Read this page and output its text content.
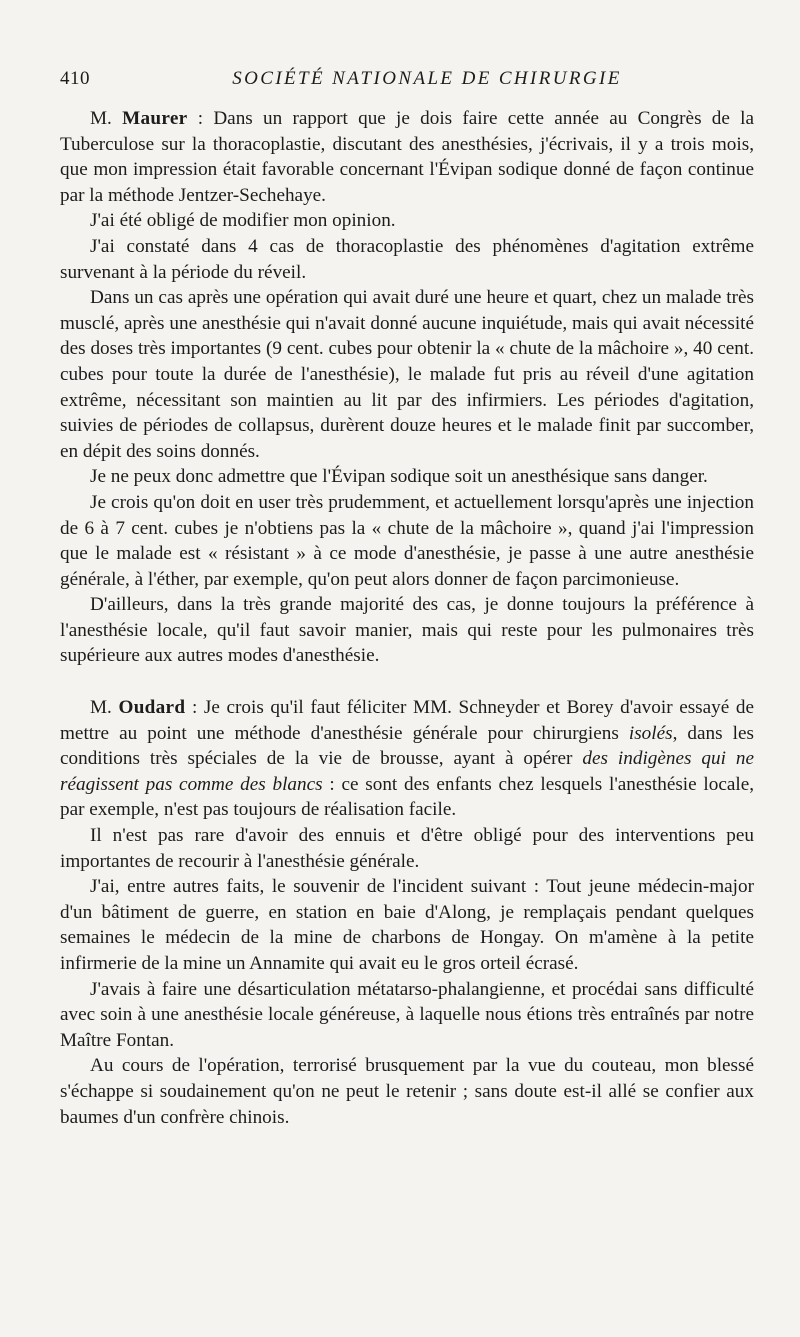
410	SOCIÉTÉ NATIONALE DE CHIRURGIE

M. Maurer : Dans un rapport que je dois faire cette année au Congrès de la Tuberculose sur la thoracoplastie, discutant des anesthésies, j'écrivais, il y a trois mois, que mon impression était favorable concernant l'Évipan sodique donné de façon continue par la méthode Jentzer-Sechehaye.

J'ai été obligé de modifier mon opinion.

J'ai constaté dans 4 cas de thoracoplastie des phénomènes d'agitation extrême survenant à la période du réveil.

Dans un cas après une opération qui avait duré une heure et quart, chez un malade très musclé, après une anesthésie qui n'avait donné aucune inquiétude, mais qui avait nécessité des doses très importantes (9 cent. cubes pour obtenir la « chute de la mâchoire », 40 cent. cubes pour toute la durée de l'anesthésie), le malade fut pris au réveil d'une agitation extrême, nécessitant son maintien au lit par des infirmiers. Les périodes d'agitation, suivies de périodes de collapsus, durèrent douze heures et le malade finit par succomber, en dépit des soins donnés.

Je ne peux donc admettre que l'Évipan sodique soit un anesthésique sans danger.

Je crois qu'on doit en user très prudemment, et actuellement lorsqu'après une injection de 6 à 7 cent. cubes je n'obtiens pas la « chute de la mâchoire », quand j'ai l'impression que le malade est « résistant » à ce mode d'anesthésie, je passe à une autre anesthésie générale, à l'éther, par exemple, qu'on peut alors donner de façon parcimonieuse.

D'ailleurs, dans la très grande majorité des cas, je donne toujours la préférence à l'anesthésie locale, qu'il faut savoir manier, mais qui reste pour les pulmonaires très supérieure aux autres modes d'anesthésie.

M. Oudard : Je crois qu'il faut féliciter MM. Schneyder et Borey d'avoir essayé de mettre au point une méthode d'anesthésie générale pour chirurgiens isolés, dans les conditions très spéciales de la vie de brousse, ayant à opérer des indigènes qui ne réagissent pas comme des blancs : ce sont des enfants chez lesquels l'anesthésie locale, par exemple, n'est pas toujours de réalisation facile.

Il n'est pas rare d'avoir des ennuis et d'être obligé pour des interventions peu importantes de recourir à l'anesthésie générale.

J'ai, entre autres faits, le souvenir de l'incident suivant : Tout jeune médecin-major d'un bâtiment de guerre, en station en baie d'Along, je remplaçais pendant quelques semaines le médecin de la mine de charbons de Hongay. On m'amène à la petite infirmerie de la mine un Annamite qui avait eu le gros orteil écrasé.

J'avais à faire une désarticulation métatarso-phalangienne, et procédai sans difficulté avec soin à une anesthésie locale généreuse, à laquelle nous étions très entraînés par notre Maître Fontan.

Au cours de l'opération, terrorisé brusquement par la vue du couteau, mon blessé s'échappe si soudainement qu'on ne peut le retenir ; sans doute est-il allé se confier aux baumes d'un confrère chinois.
